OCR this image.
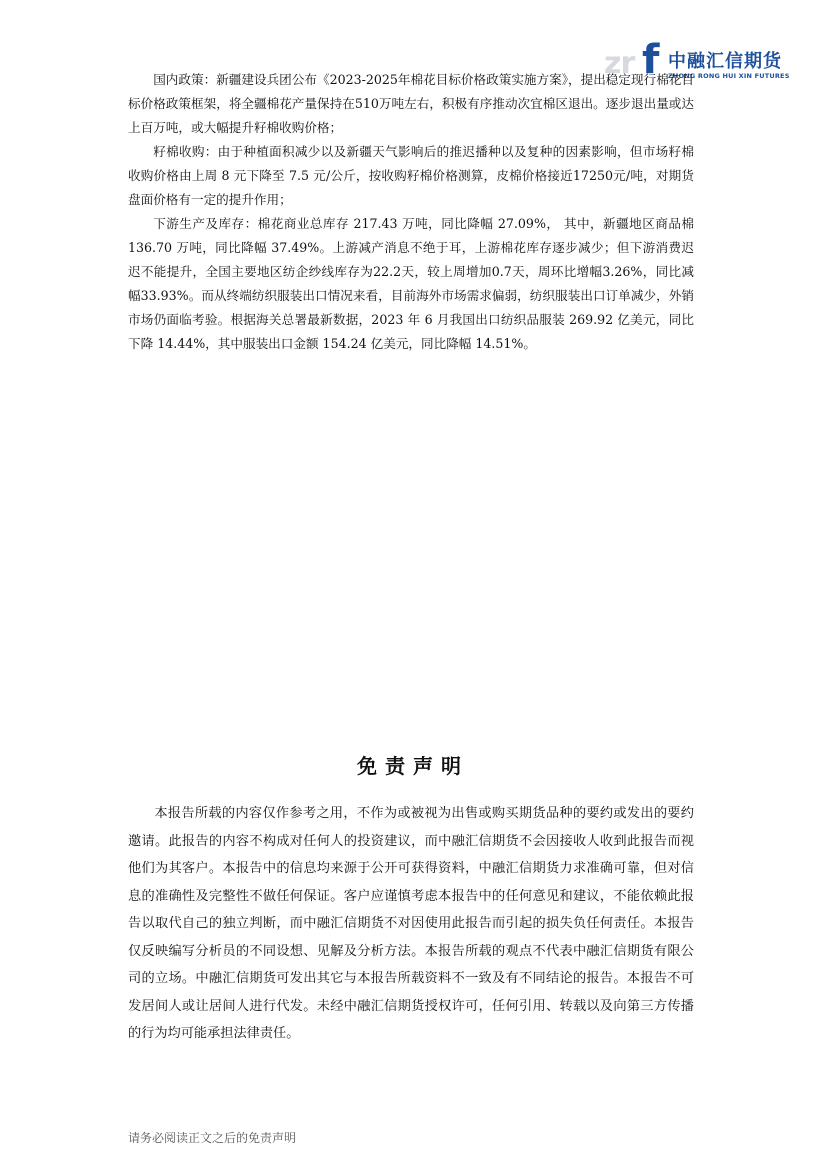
zr f 中融汇信期货
ZHONG RONG HUI XIN FUTURES

国内政策：新疆建设兵团公布《2023-2025年棉花目标价格政策实施方案》，提出稳定现行棉花目标价格政策框架，将全疆棉花产量保持在510万吨左右，积极有序推动次宜棉区退出。逐步退出量或达上百万吨，或大幅提升籽棉收购价格；

籽棉收购：由于种植面积减少以及新疆天气影响后的推迟播种以及复种的因素影响，但市场籽棉收购价格由上周 8 元下降至 7.5 元/公斤，按收购籽棉价格测算，皮棉价格接近17250元/吨，对期货盘面价格有一定的提升作用；

下游生产及库存：棉花商业总库存 217.43 万吨，同比降幅 27.09%， 其中，新疆地区商品棉 136.70 万吨，同比降幅 37.49%。上游减产消息不绝于耳，上游棉花库存逐步减少；但下游消费迟迟不能提升，全国主要地区纺企纱线库存为22.2天，较上周增加0.7天，周环比增幅3.26%，同比减幅33.93%。而从终端纺织服装出口情况来看，目前海外市场需求偏弱，纺织服装出口订单减少，外销市场仍面临考验。根据海关总署最新数据，2023 年 6 月我国出口纺织品服装 269.92 亿美元，同比下降 14.44%，其中服装出口金额 154.24 亿美元，同比降幅 14.51%。

免责声明

本报告所载的内容仅作参考之用，不作为或被视为出售或购买期货品种的要约或发出的要约邀请。此报告的内容不构成对任何人的投资建议，而中融汇信期货不会因接收人收到此报告而视他们为其客户。本报告中的信息均来源于公开可获得资料，中融汇信期货力求准确可靠，但对信息的准确性及完整性不做任何保证。客户应谨慎考虑本报告中的任何意见和建议，不能依赖此报告以取代自己的独立判断，而中融汇信期货不对因使用此报告而引起的损失负任何责任。本报告仅反映编写分析员的不同设想、见解及分析方法。本报告所载的观点不代表中融汇信期货有限公司的立场。中融汇信期货可发出其它与本报告所载资料不一致及有不同结论的报告。本报告不可发居间人或让居间人进行代发。未经中融汇信期货授权许可，任何引用、转载以及向第三方传播的行为均可能承担法律责任。

请务必阅读正文之后的免责声明
